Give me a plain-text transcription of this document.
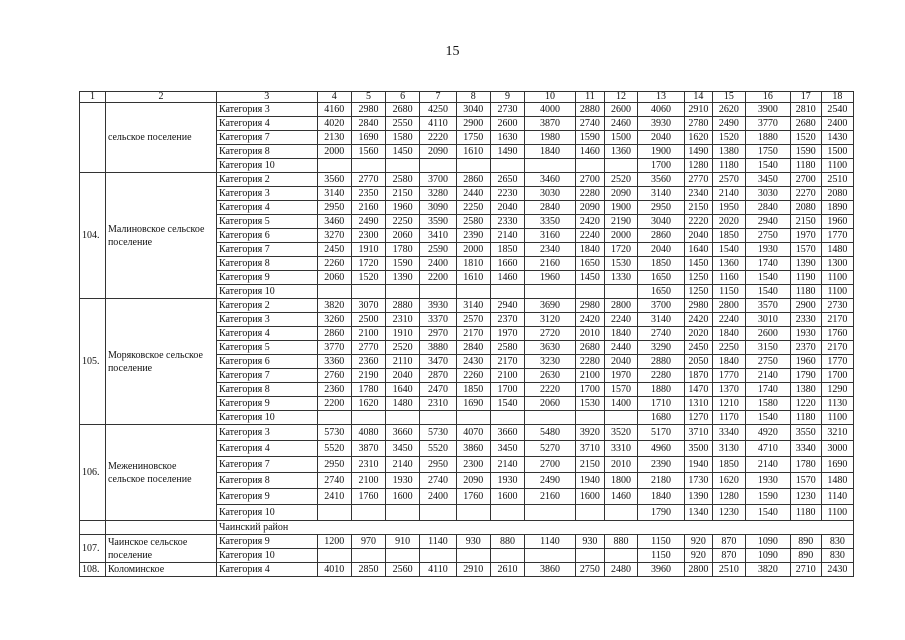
15
1	2	3	4	5	6	7	8	9	10	11	12	13	14	15	16	17	18
	сельское поселение	Категория 3	4160	2980	2680	4250	3040	2730	4000	2880	2600	4060	2910	2620	3900	2810	2540
		Категория 4	4020	2840	2550	4110	2900	2600	3870	2740	2460	3930	2780	2490	3770	2680	2400
		Категория 7	2130	1690	1580	2220	1750	1630	1980	1590	1500	2040	1620	1520	1880	1520	1430
		Категория 8	2000	1560	1450	2090	1610	1490	1840	1460	1360	1900	1490	1380	1750	1590	1500
		Категория 10										1700	1280	1180	1540	1180	1100
104.	Малиновское сельское поселение	Категория 2	3560	2770	2580	3700	2860	2650	3460	2700	2520	3560	2770	2570	3450	2700	2510
		Категория 3	3140	2350	2150	3280	2440	2230	3030	2280	2090	3140	2340	2140	3030	2270	2080
		Категория 4	2950	2160	1960	3090	2250	2040	2840	2090	1900	2950	2150	1950	2840	2080	1890
		Категория 5	3460	2490	2250	3590	2580	2330	3350	2420	2190	3040	2220	2020	2940	2150	1960
		Категория 6	3270	2300	2060	3410	2390	2140	3160	2240	2000	2860	2040	1850	2750	1970	1770
		Категория 7	2450	1910	1780	2590	2000	1850	2340	1840	1720	2040	1640	1540	1930	1570	1480
		Категория 8	2260	1720	1590	2400	1810	1660	2160	1650	1530	1850	1450	1360	1740	1390	1300
		Категория 9	2060	1520	1390	2200	1610	1460	1960	1450	1330	1650	1250	1160	1540	1190	1100
		Категория 10										1650	1250	1150	1540	1180	1100
105.	Моряковское сельское поселение	Категория 2	3820	3070	2880	3930	3140	2940	3690	2980	2800	3700	2980	2800	3570	2900	2730
		Категория 3	3260	2500	2310	3370	2570	2370	3120	2420	2240	3140	2420	2240	3010	2330	2170
		Категория 4	2860	2100	1910	2970	2170	1970	2720	2010	1840	2740	2020	1840	2600	1930	1760
		Категория 5	3770	2770	2520	3880	2840	2580	3630	2680	2440	3290	2450	2250	3150	2370	2170
		Категория 6	3360	2360	2110	3470	2430	2170	3230	2280	2040	2880	2050	1840	2750	1960	1770
		Категория 7	2760	2190	2040	2870	2260	2100	2630	2100	1970	2280	1870	1770	2140	1790	1700
		Категория 8	2360	1780	1640	2470	1850	1700	2220	1700	1570	1880	1470	1370	1740	1380	1290
		Категория 9	2200	1620	1480	2310	1690	1540	2060	1530	1400	1710	1310	1210	1580	1220	1130
		Категория 10										1680	1270	1170	1540	1180	1100
106.	Межениновское сельское поселение	Категория 3	5730	4080	3660	5730	4070	3660	5480	3920	3520	5170	3710	3340	4920	3550	3210
		Категория 4	5520	3870	3450	5520	3860	3450	5270	3710	3310	4960	3500	3130	4710	3340	3000
		Категория 7	2950	2310	2140	2950	2300	2140	2700	2150	2010	2390	1940	1850	2140	1780	1690
		Категория 8	2740	2100	1930	2740	2090	1930	2490	1940	1800	2180	1730	1620	1930	1570	1480
		Категория 9	2410	1760	1600	2400	1760	1600	2160	1600	1460	1840	1390	1280	1590	1230	1140
		Категория 10										1790	1340	1230	1540	1180	1100
		Чаинский район															
107.	Чаинское сельское поселение	Категория 9	1200	970	910	1140	930	880	1140	930	880	1150	920	870	1090	890	830
		Категория 10										1150	920	870	1090	890	830
108.	Коломинское	Категория 4	4010	2850	2560	4110	2910	2610	3860	2750	2480	3960	2800	2510	3820	2710	2430
